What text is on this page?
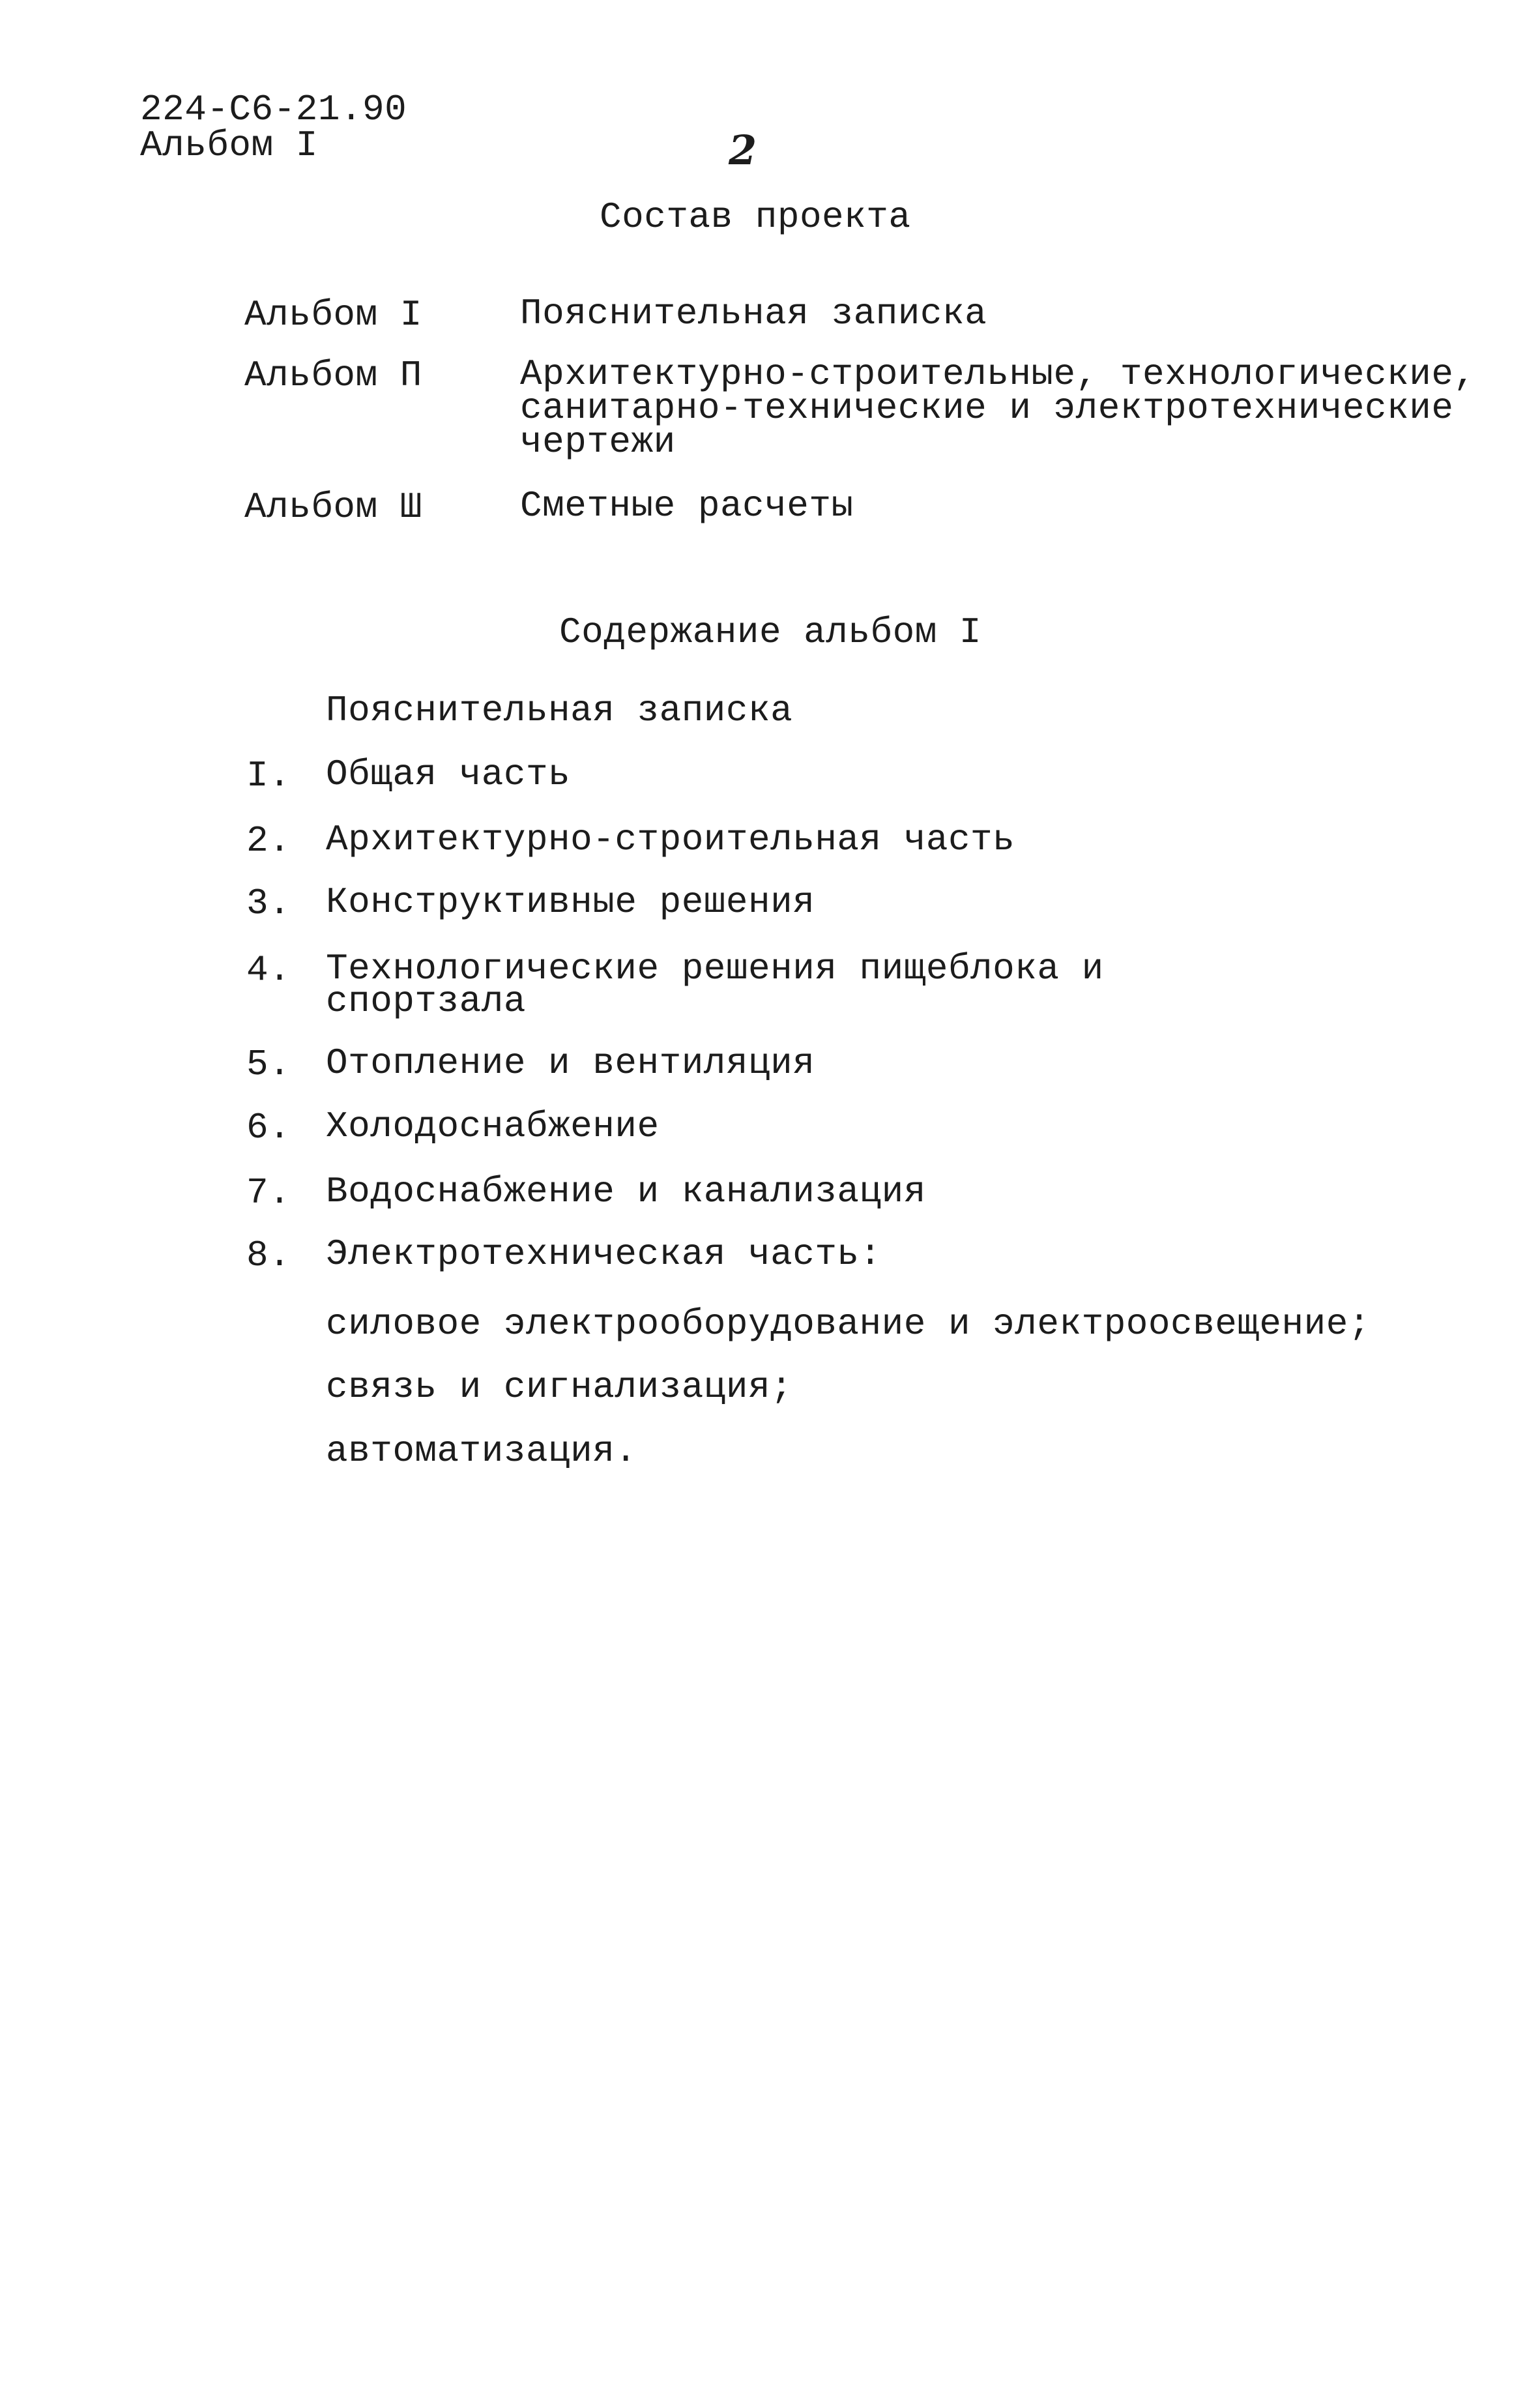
224-С6-21.90
Альбом I	2
Состав проекта
Альбом I	Пояснительная записка
Альбом П	Архитектурно-строительные, технологические,
санитарно-технические и электротехнические
чертежи
Альбом Ш	Сметные расчеты
Содержание альбом I
Пояснительная записка
I. Общая часть
2. Архитектурно-строительная часть
3. Конструктивные решения
4. Технологические решения пищеблока и
спортзала
5. Отопление и вентиляция
6. Холодоснабжение
7. Водоснабжение и канализация
8. Электротехническая часть:
силовое электрооборудование и электроосвещение;
связь и сигнализация;
автоматизация.
